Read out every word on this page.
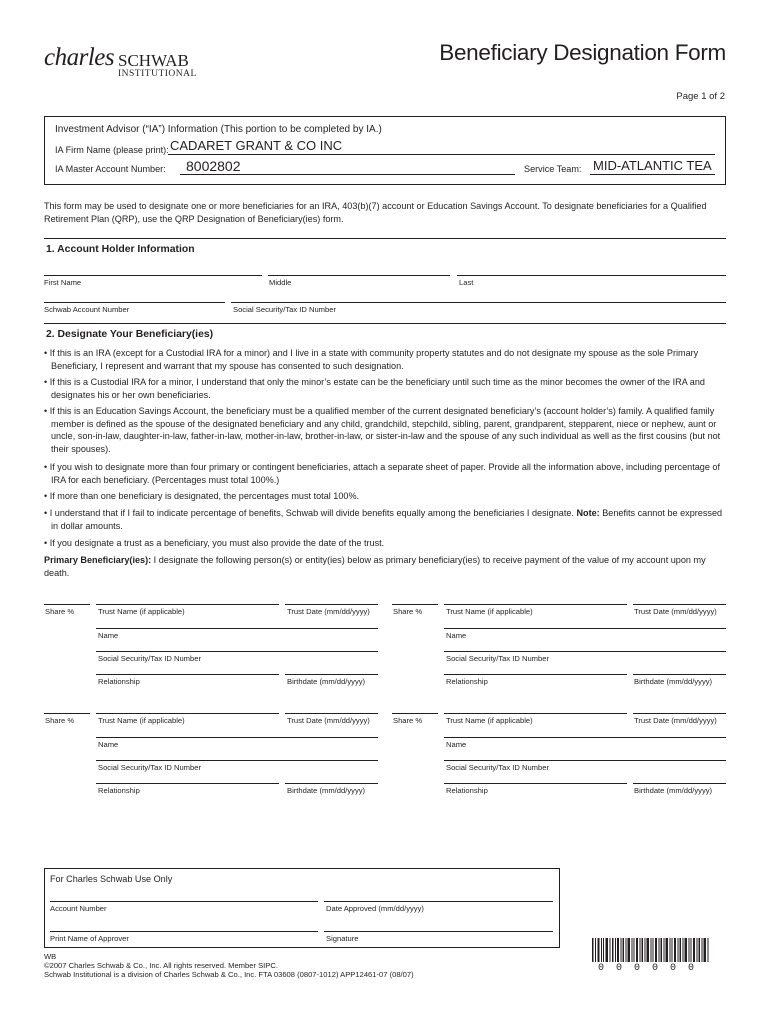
charles SCHWAB
INSTITUTIONAL
Beneficiary Designation Form
Page 1 of 2
Investment Advisor (“IA”) Information (This portion to be completed by IA.)
IA Firm Name (please print): CADARET GRANT & CO INC
IA Master Account Number: 8002802	Service Team: MID-ATLANTIC TEA
This form may be used to designate one or more beneficiaries for an IRA, 403(b)(7) account or Education Savings Account. To designate beneficiaries for a Qualified Retirement Plan (QRP), use the QRP Designation of Beneficiary(ies) form.
1. Account Holder Information
First Name	Middle	Last
Schwab Account Number	Social Security/Tax ID Number
2. Designate Your Beneficiary(ies)
• If this is an IRA (except for a Custodial IRA for a minor) and I live in a state with community property statutes and do not designate my spouse as the sole Primary Beneficiary, I represent and warrant that my spouse has consented to such designation.
• If this is a Custodial IRA for a minor, I understand that only the minor’s estate can be the beneficiary until such time as the minor becomes the owner of the IRA and designates his or her own beneficiaries.
• If this is an Education Savings Account, the beneficiary must be a qualified member of the current designated beneficiary’s (account holder’s) family. A qualified family member is defined as the spouse of the designated beneficiary and any child, grandchild, stepchild, sibling, parent, grandparent, stepparent, niece or nephew, aunt or uncle, son-in-law, daughter-in-law, father-in-law, mother-in-law, brother-in-law, or sister-in-law and the spouse of any such individual as well as the first cousins (but not their spouses).
• If you wish to designate more than four primary or contingent beneficiaries, attach a separate sheet of paper. Provide all the information above, including percentage of IRA for each beneficiary. (Percentages must total 100%.)
• If more than one beneficiary is designated, the percentages must total 100%.
• I understand that if I fail to indicate percentage of benefits, Schwab will divide benefits equally among the beneficiaries I designate. Note: Benefits cannot be expressed in dollar amounts.
• If you designate a trust as a beneficiary, you must also provide the date of the trust.
Primary Beneficiary(ies): I designate the following person(s) or entity(ies) below as primary beneficiary(ies) to receive payment of the value of my account upon my death.
Share %	Trust Name (if applicable)	Trust Date (mm/dd/yyyy)
Name
Social Security/Tax ID Number
Relationship	Birthdate (mm/dd/yyyy)
Share %	Trust Name (if applicable)	Trust Date (mm/dd/yyyy)
Name
Social Security/Tax ID Number
Relationship	Birthdate (mm/dd/yyyy)
Share %	Trust Name (if applicable)	Trust Date (mm/dd/yyyy)
Name
Social Security/Tax ID Number
Relationship	Birthdate (mm/dd/yyyy)
Share %	Trust Name (if applicable)	Trust Date (mm/dd/yyyy)
Name
Social Security/Tax ID Number
Relationship	Birthdate (mm/dd/yyyy)
For Charles Schwab Use Only
Account Number	Date Approved (mm/dd/yyyy)
Print Name of Approver	Signature
WB
©2007 Charles Schwab & Co., Inc. All rights reserved. Member SIPC.
Schwab Institutional is a division of Charles Schwab & Co., Inc. FTA 03608 (0807-1012) APP12461-07 (08/07)
0  0  0  0  0  0
